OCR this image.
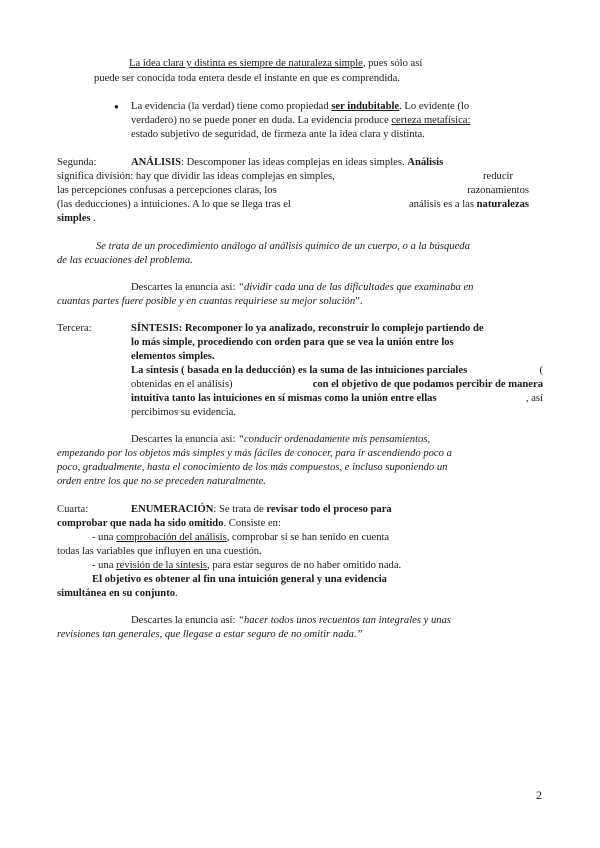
La idea clara y distinta es siempre de naturaleza simple, pues sólo así
puede ser conocida toda entera desde el instante en que es comprendida.
● La evidencia (la verdad) tiene como propiedad ser indubitable. Lo evidente (lo
verdadero) no se puede poner en duda. La evidencia produce certeza metafísica:
estado subjetivo de seguridad, de firmeza ante la idea clara y distinta.
Segunda:	ANÁLISIS: Descomponer las ideas complejas en ideas simples. Análisis
significa división: hay que dividir las ideas complejas en simples,	reducir
las percepciones confusas a percepciones claras, los	razonamientos
(las deducciones) a intuiciones. A lo que se llega tras el	análisis es a las naturalezas
simples .
Se trata de un procedimiento análogo al análisis químico de un cuerpo, o a la búsqueda
de las ecuaciones del problema.
Descartes la enuncia así: “dividir cada una de las dificultades que examinaba en
cuantas partes fuere posible y en cuantas requiriese su mejor solución”.
Tercera:	SÍNTESIS: Recomponer lo ya analizado, reconstruir lo complejo partiendo de
lo más simple, procediendo con orden para que se vea la unión entre los
elementos simples.
La síntesis ( basada en la deducción) es la suma de las intuiciones parciales	(
obtenidas en el análisis)	con el objetivo de que podamos percibir de manera
intuitiva tanto las intuiciones en sí mismas como la unión entre ellas	, así
percibimos su evidencia.
Descartes la enuncia así: “conducir ordenadamente mis pensamientos,
empezando por los objetos más simples y más fáciles de conocer, para ir ascendiendo poco a
poco, gradualmente, hasta el conocimiento de los más compuestos, e incluso suponiendo un
orden entre los que no se preceden naturalmente.
Cuarta:	ENUMERACIÓN: Se trata de revisar todo el proceso para
comprobar que nada ha sido omitido. Consiste en:
- una comprobación del análisis, comprobar si se han tenido en cuenta
todas las variables que influyen en una cuestión.
- una revisión de la síntesis, para estar seguros de no haber omitido nada.
El objetivo es obtener al fin una intuición general y una evidencia
simultánea en su conjunto.
Descartes la enuncia así: “hacer todos unos recuentos tan integrales y unas
revisiones tan generales, que llegase a estar seguro de no omitir nada.”
2
